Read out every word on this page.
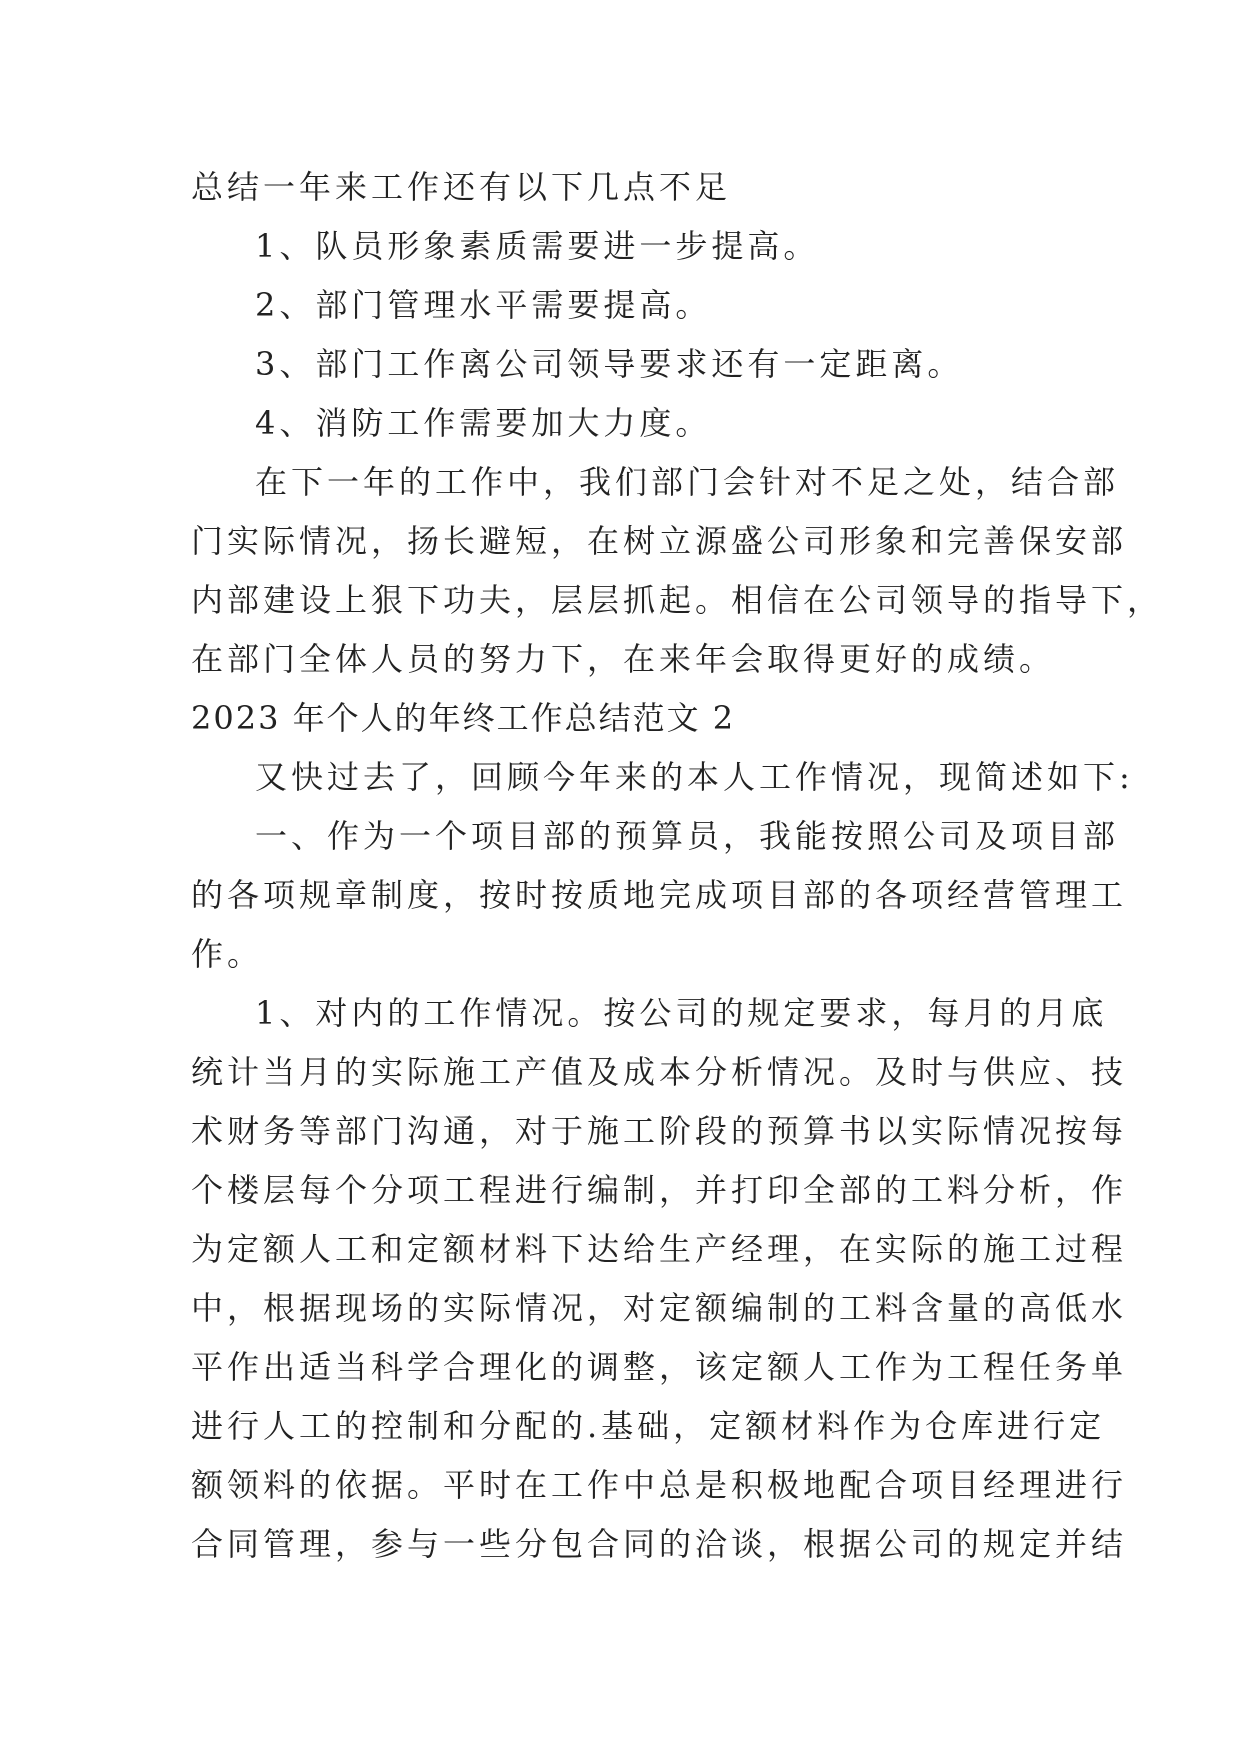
总结一年来工作还有以下几点不足
1、队员形象素质需要进一步提高。
2、部门管理水平需要提高。
3、部门工作离公司领导要求还有一定距离。
4、消防工作需要加大力度。
在下一年的工作中，我们部门会针对不足之处，结合部
门实际情况，扬长避短，在树立源盛公司形象和完善保安部
内部建设上狠下功夫，层层抓起。相信在公司领导的指导下，
在部门全体人员的努力下，在来年会取得更好的成绩。
2023 年个人的年终工作总结范文 2
又快过去了，回顾今年来的本人工作情况，现简述如下:
一、作为一个项目部的预算员，我能按照公司及项目部
的各项规章制度，按时按质地完成项目部的各项经营管理工
作。
1、对内的工作情况。按公司的规定要求，每月的月底
统计当月的实际施工产值及成本分析情况。及时与供应、技
术财务等部门沟通，对于施工阶段的预算书以实际情况按每
个楼层每个分项工程进行编制，并打印全部的工料分析，作
为定额人工和定额材料下达给生产经理，在实际的施工过程
中，根据现场的实际情况，对定额编制的工料含量的高低水
平作出适当科学合理化的调整，该定额人工作为工程任务单
进行人工的控制和分配的.基础，定额材料作为仓库进行定
额领料的依据。平时在工作中总是积极地配合项目经理进行
合同管理，参与一些分包合同的洽谈，根据公司的规定并结
